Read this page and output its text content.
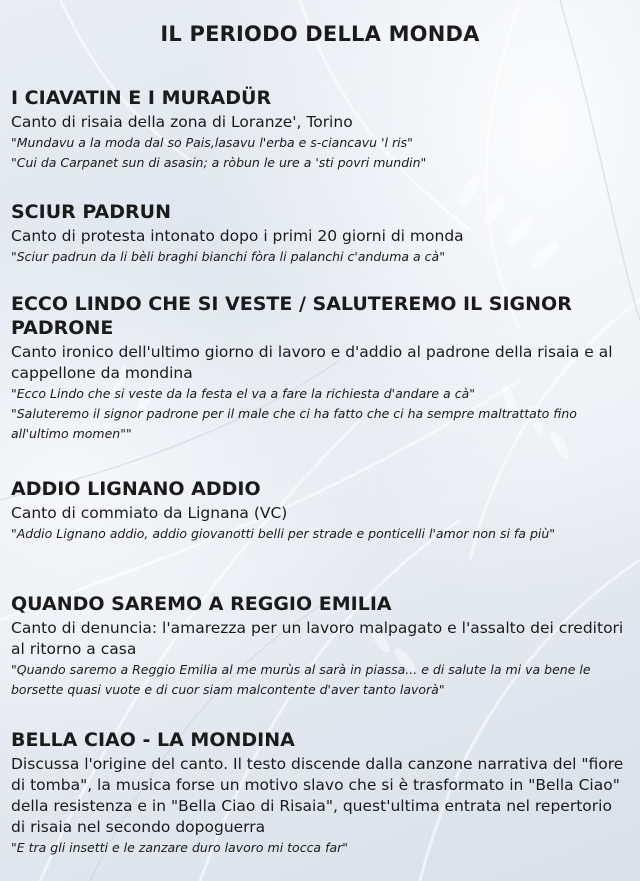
IL PERIODO DELLA MONDA
I CIAVATIN E I MURADÜR
Canto di risaia della zona di Loranze', Torino
"Mundavu a la moda dal so Pais,lasavu l'erba e s-ciancavu 'l ris"
"Cui da Carpanet sun di asasin; a ròbun le ure a 'sti povri mundin"
SCIUR PADRUN
Canto di protesta intonato dopo i primi 20 giorni di monda
"Sciur padrun da li bèli braghi bianchi fòra li palanchi c'anduma a cà"
ECCO LINDO CHE SI VESTE / SALUTEREMO IL SIGNOR PADRONE
Canto ironico dell'ultimo giorno di lavoro e d'addio al padrone della risaia e al cappellone da mondina
"Ecco Lindo che si veste da la festa el va a fare la richiesta d'andare a cà"
"Saluteremo il signor padrone per il male che ci ha fatto che ci ha sempre maltrattato fino all'ultimo momen""
ADDIO LIGNANO ADDIO
Canto di commiato da Lignana (VC)
"Addio Lignano addio, addio giovanotti belli per strade e ponticelli l'amor non si fa più"
QUANDO SAREMO A REGGIO EMILIA
Canto di denuncia: l'amarezza per un lavoro malpagato e l'assalto dei creditori al ritorno a casa
"Quando saremo a Reggio Emilia al me murùs al sarà in piassa... e di salute la mi va bene le borsette quasi vuote e di cuor siam malcontente d'aver tanto lavorà"
BELLA CIAO - LA MONDINA
Discussa l'origine del canto. Il testo discende dalla canzone narrativa del "fiore di tomba", la musica forse un motivo slavo che si è trasformato in "Bella Ciao" della resistenza e in "Bella Ciao di Risaia", quest'ultima entrata nel repertorio di risaia nel secondo dopoguerra
"E tra gli insetti e le zanzare duro lavoro mi tocca far"
